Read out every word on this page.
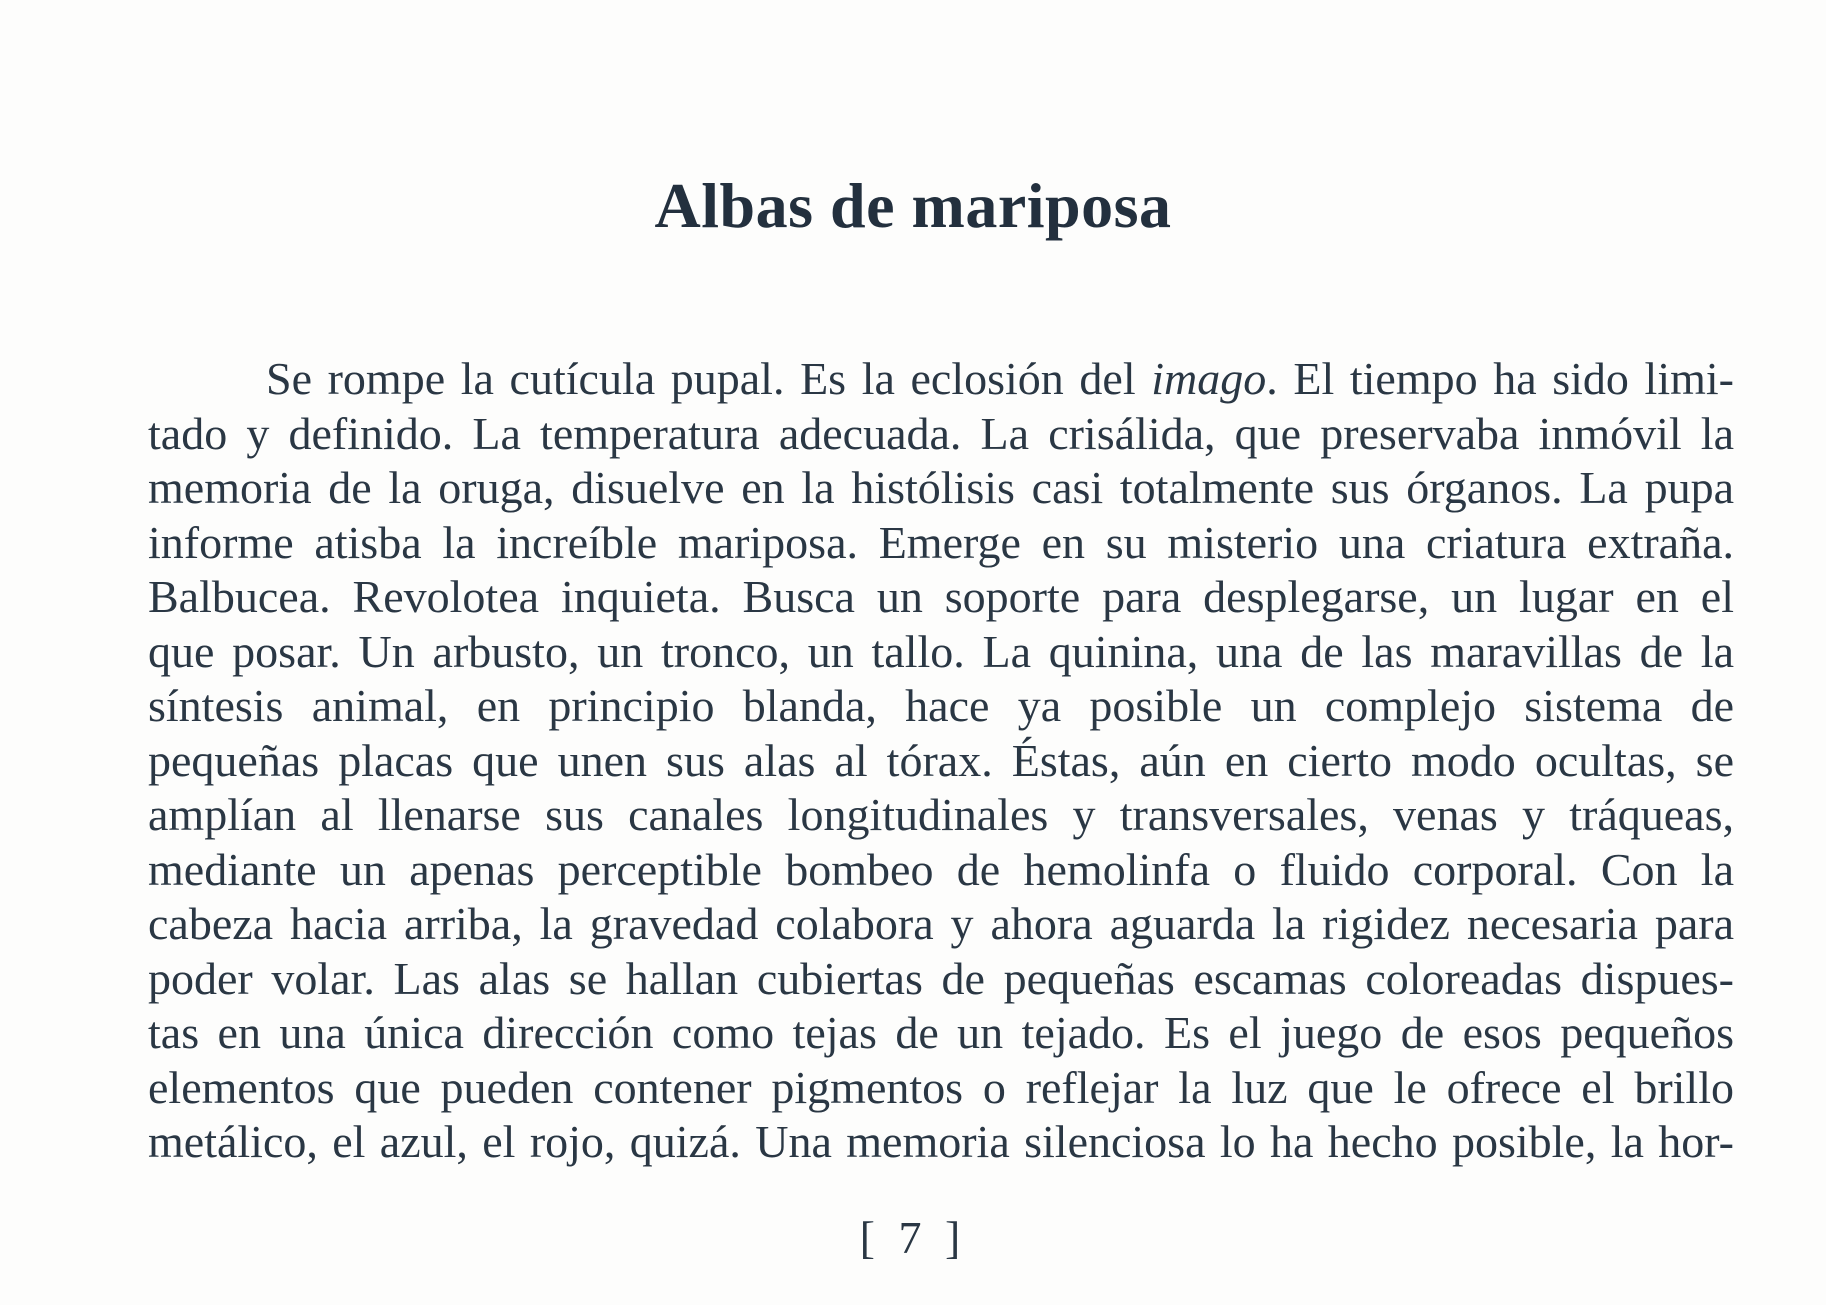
Albas de mariposa
Se rompe la cutícula pupal. Es la eclosión del imago. El tiempo ha sido limi-
tado y definido. La temperatura adecuada. La crisálida, que preservaba inmóvil la
memoria de la oruga, disuelve en la histólisis casi totalmente sus órganos. La pupa
informe atisba la increíble mariposa. Emerge en su misterio una criatura extraña.
Balbucea. Revolotea inquieta. Busca un soporte para desplegarse, un lugar en el
que posar. Un arbusto, un tronco, un tallo. La quinina, una de las maravillas de la
síntesis animal, en principio blanda, hace ya posible un complejo sistema de
pequeñas placas que unen sus alas al tórax. Éstas, aún en cierto modo ocultas, se
amplían al llenarse sus canales longitudinales y transversales, venas y tráqueas,
mediante un apenas perceptible bombeo de hemolinfa o fluido corporal. Con la
cabeza hacia arriba, la gravedad colabora y ahora aguarda la rigidez necesaria para
poder volar. Las alas se hallan cubiertas de pequeñas escamas coloreadas dispues-
tas en una única dirección como tejas de un tejado. Es el juego de esos pequeños
elementos que pueden contener pigmentos o reflejar la luz que le ofrece el brillo
metálico, el azul, el rojo, quizá. Una memoria silenciosa lo ha hecho posible, la hor-
[ 7 ]
